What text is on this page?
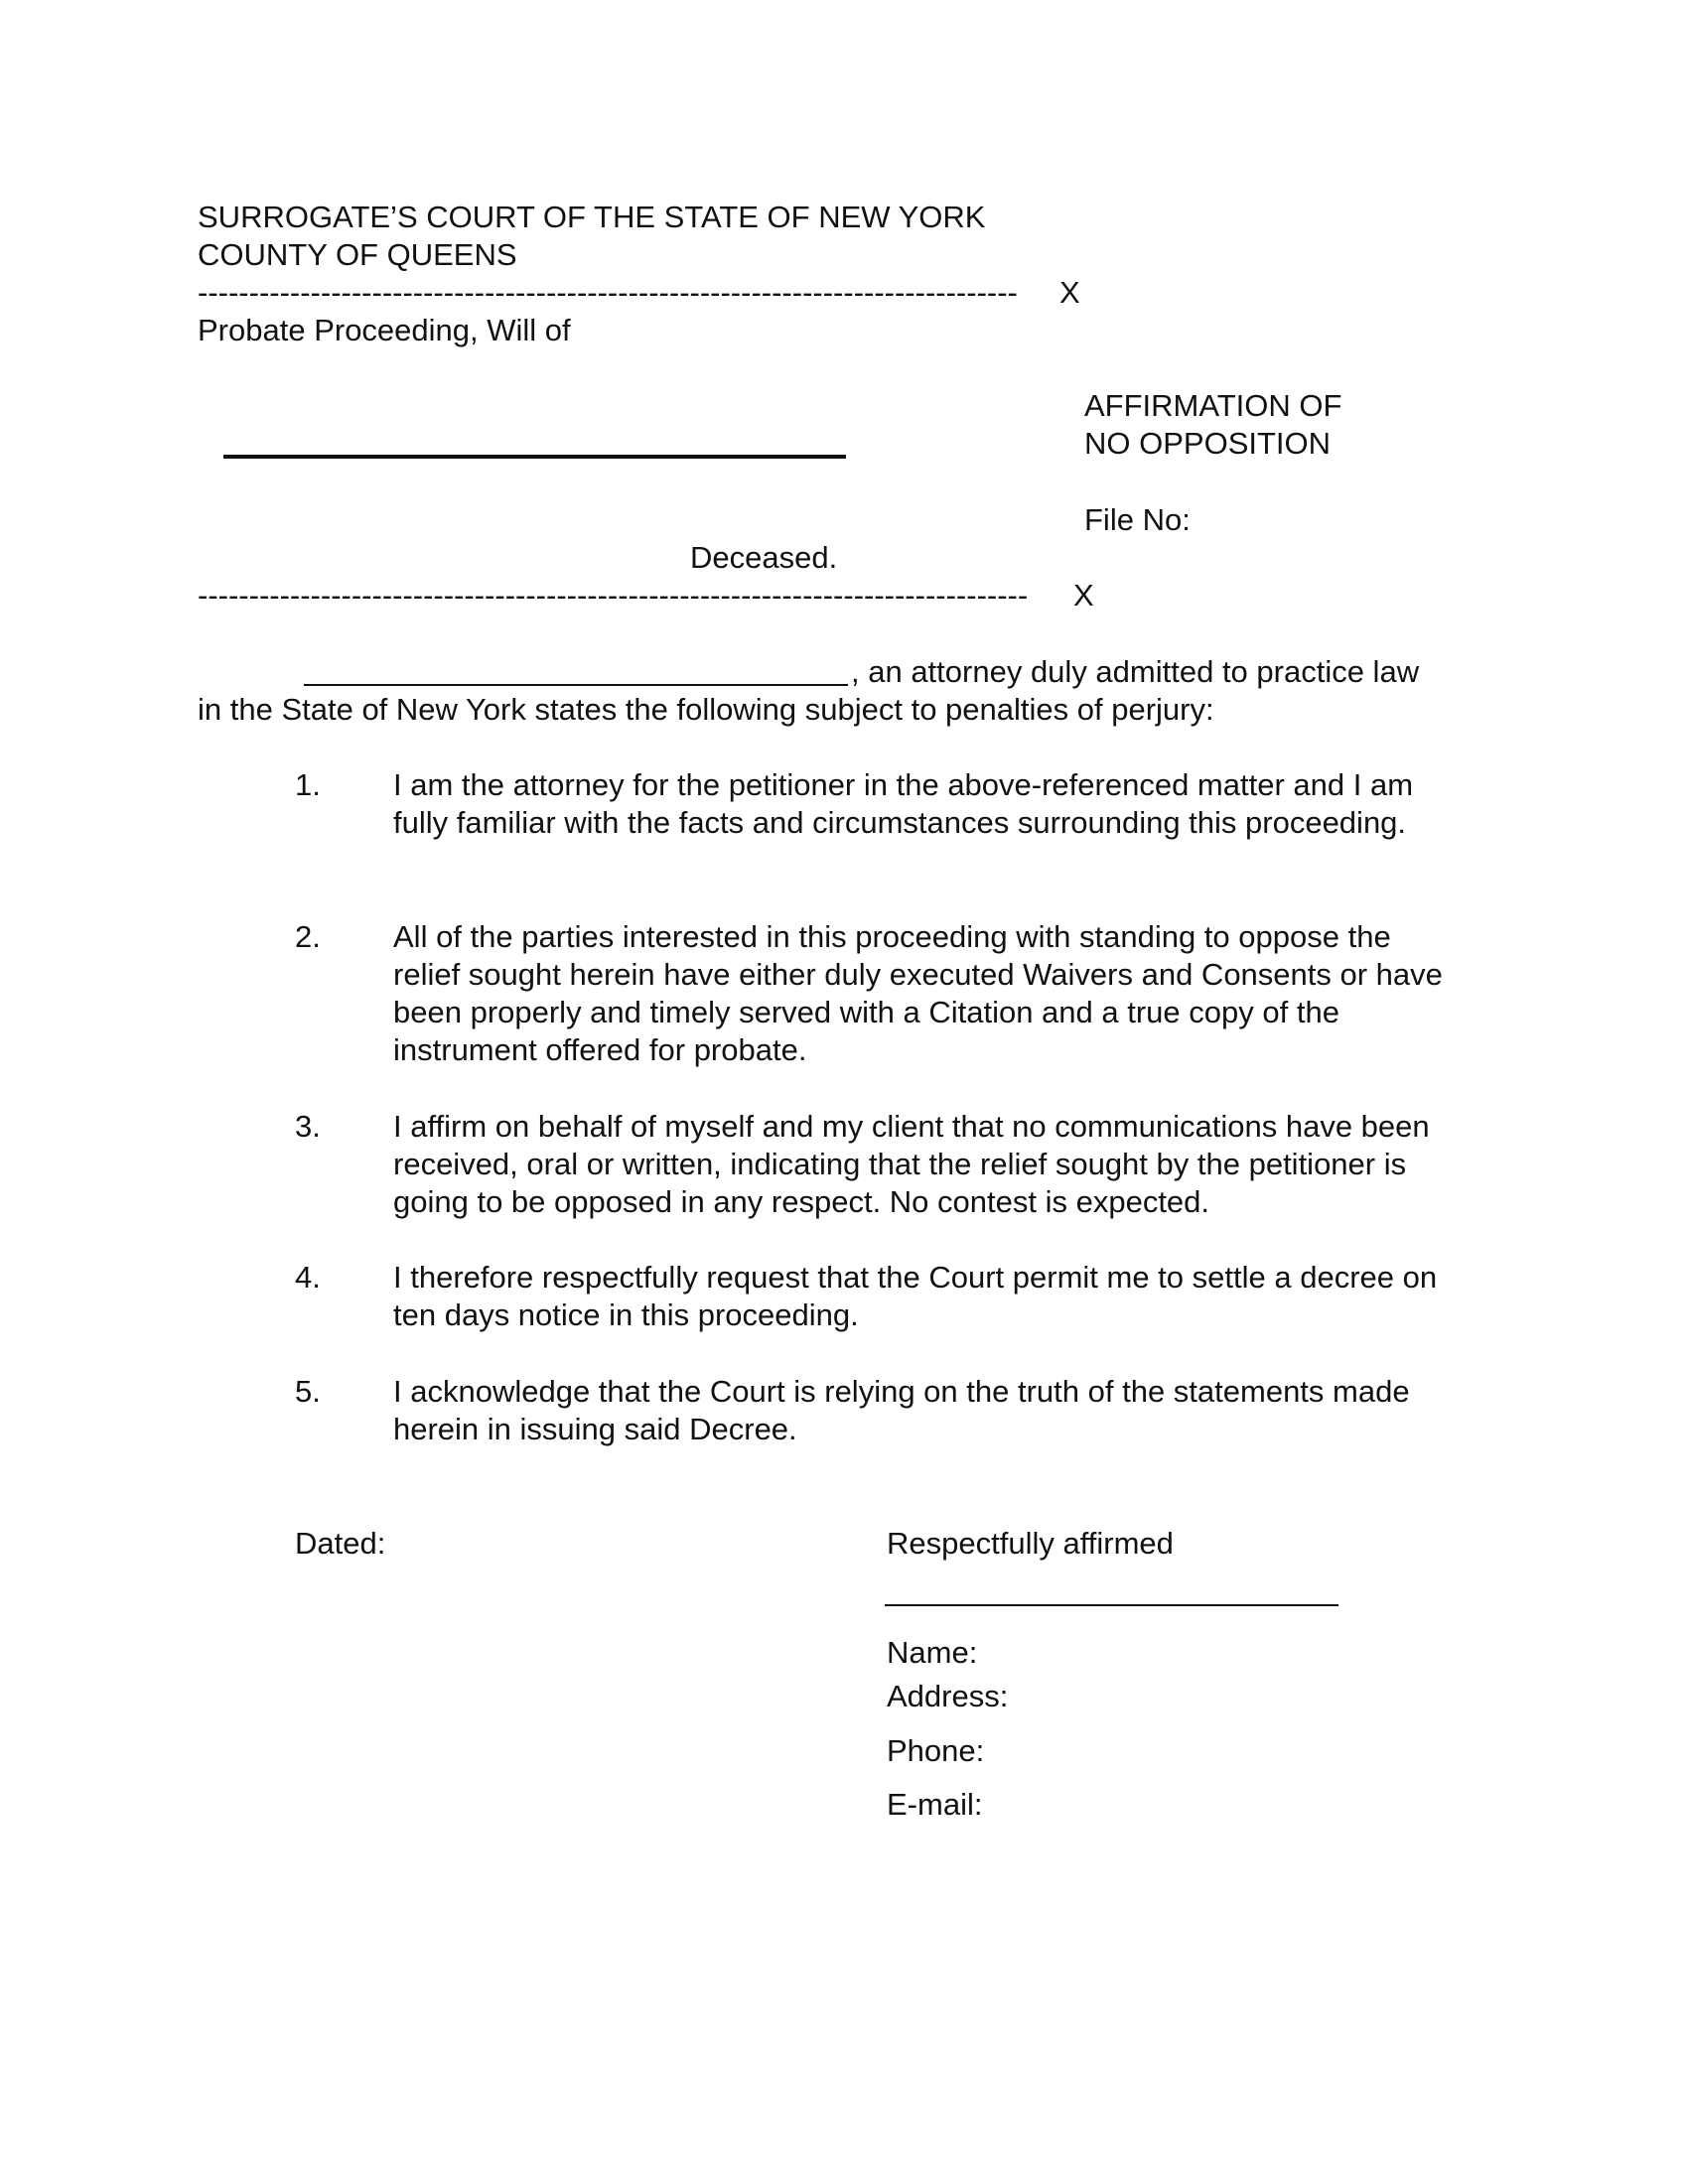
SURROGATE’S COURT OF THE STATE OF NEW YORK
COUNTY OF QUEENS
--------------------------------------------------------------------------------	X
Probate Proceeding, Will of
AFFIRMATION OF
NO OPPOSITION
File No:
Deceased.
---------------------------------------------------------------------------------	X
, an attorney duly admitted to practice law
in the State of New York states the following subject to penalties of perjury:
1. I am the attorney for the petitioner in the above-referenced matter and I am fully familiar with the facts and circumstances surrounding this proceeding.
2. All of the parties interested in this proceeding with standing to oppose the relief sought herein have either duly executed Waivers and Consents or have been properly and timely served with a Citation and a true copy of the instrument offered for probate.
3. I affirm on behalf of myself and my client that no communications have been received, oral or written, indicating that the relief sought by the petitioner is going to be opposed in any respect. No contest is expected.
4. I therefore respectfully request that the Court permit me to settle a decree on ten days notice in this proceeding.
5. I acknowledge that the Court is relying on the truth of the statements made herein in issuing said Decree.
Dated:	Respectfully affirmed
Name:
Address:
Phone:
E-mail:
